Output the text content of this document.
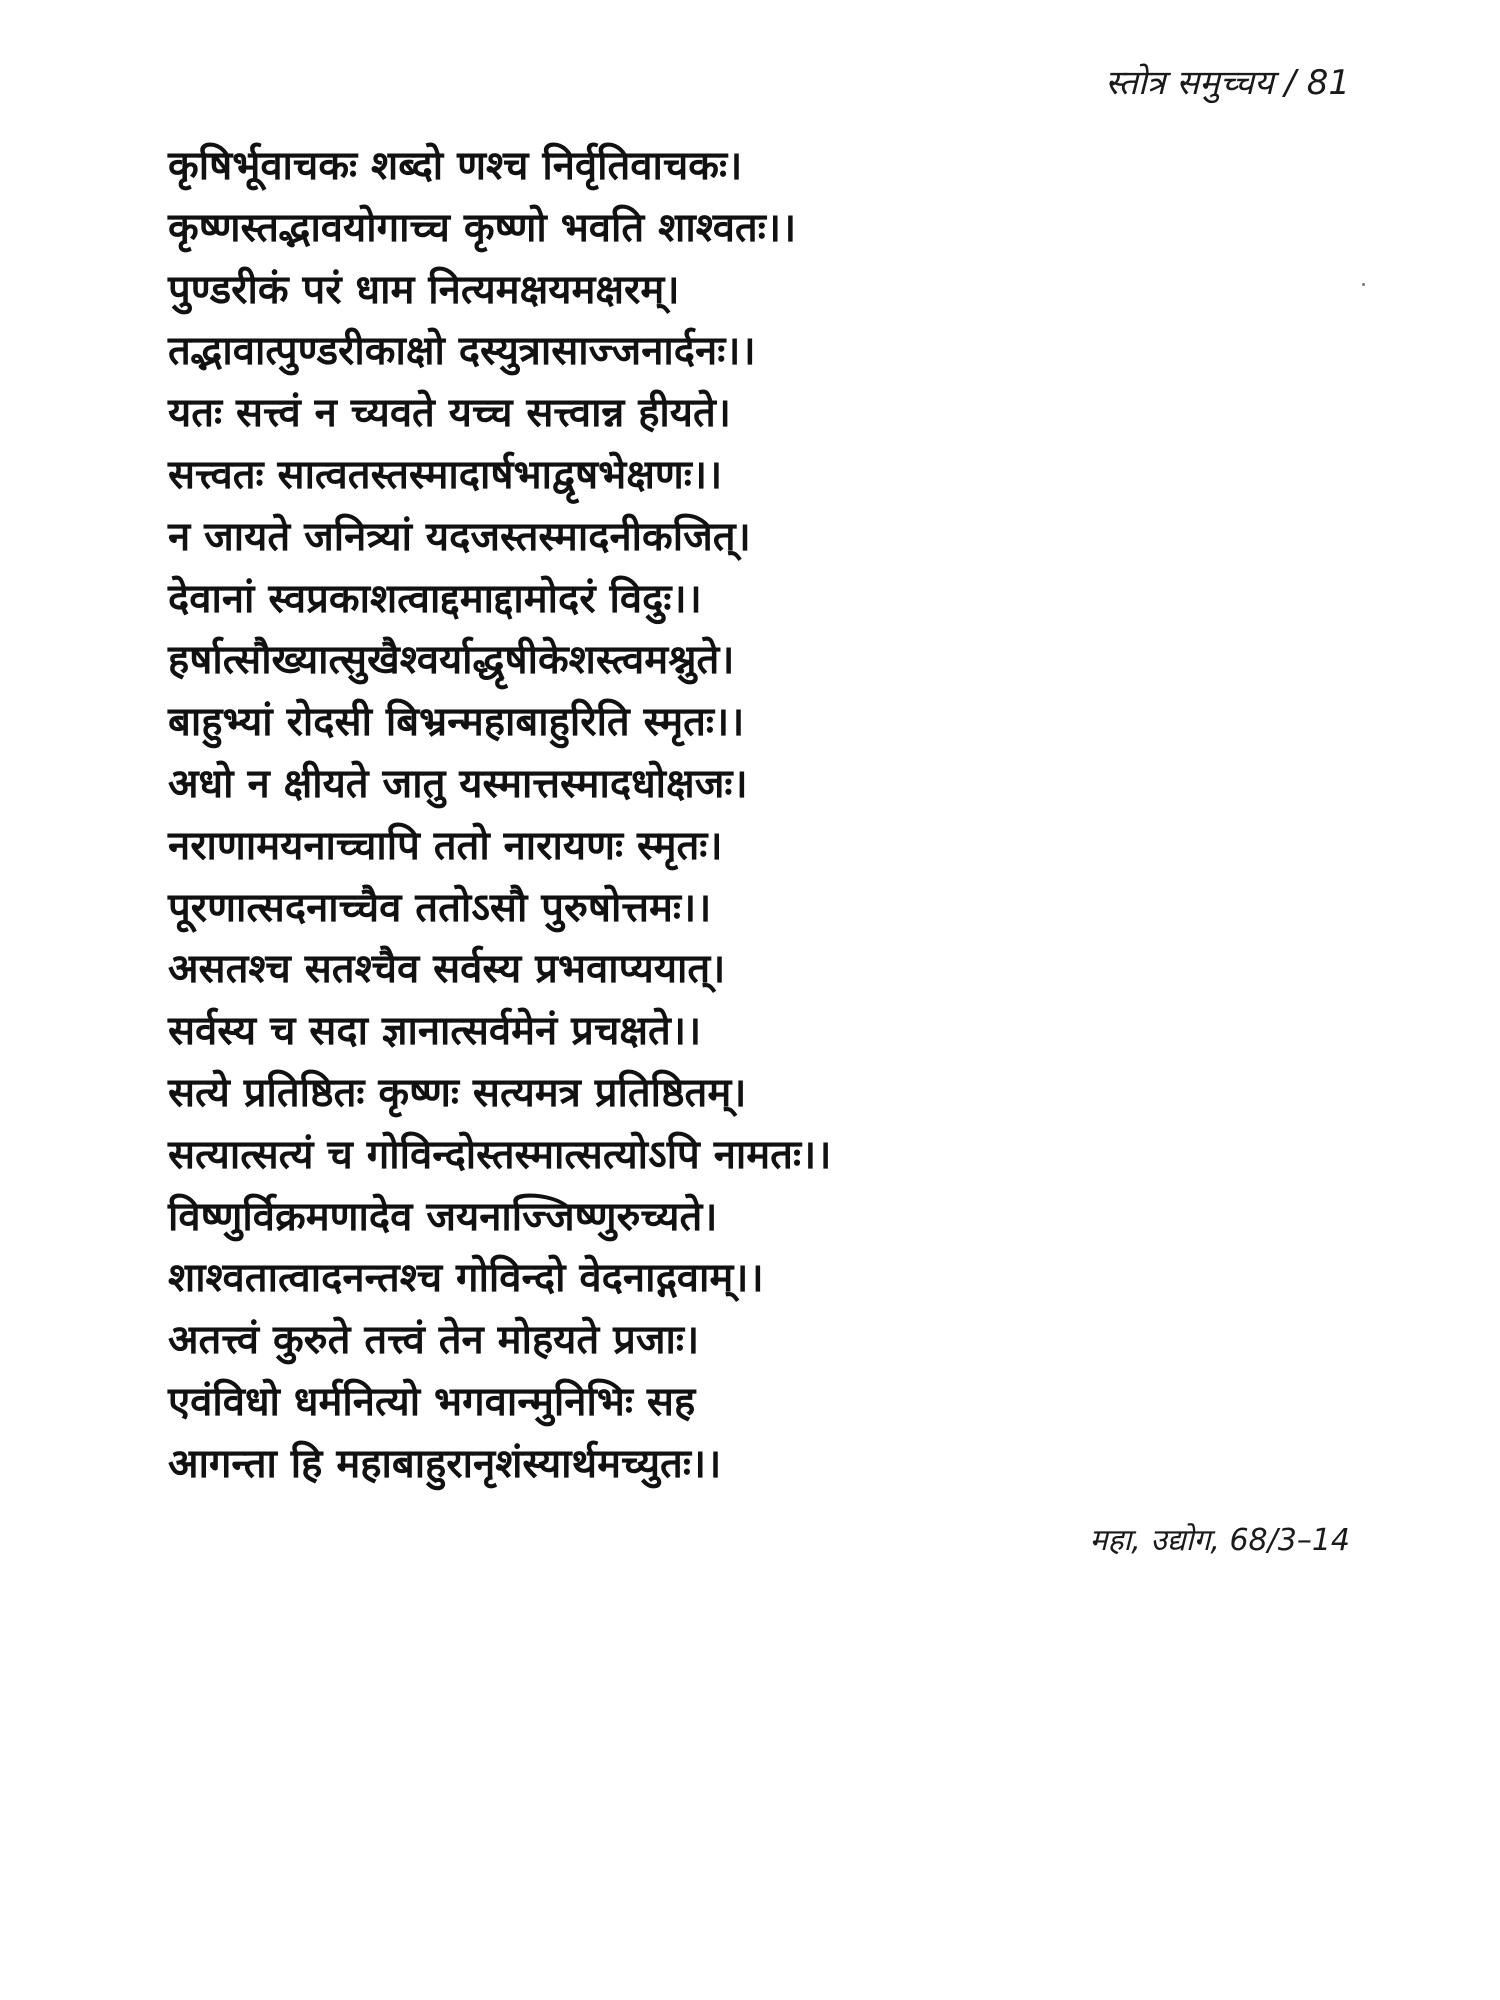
स्तोत्र समुच्चय / 81
कृषिर्भूवाचकः शब्दो णश्च निर्वृतिवाचकः।
कृष्णस्तद्भावयोगाच्च कृष्णो भवति शाश्वतः।।
पुण्डरीकं परं धाम नित्यमक्षयमक्षरम्।
तद्भावात्पुण्डरीकाक्षो दस्युत्रासाज्जनार्दनः।।
यतः सत्त्वं न च्यवते यच्च सत्त्वान्न हीयते।
सत्त्वतः सात्वतस्तस्मादार्षभाद्वृषभेक्षणः।।
न जायते जनित्र्यां यदजस्तस्मादनीकजित्।
देवानां स्वप्रकाशत्वाद्दमाद्दामोदरं विदुः।।
हर्षात्सौख्यात्सुखैश्वर्याद्धृषीकेशस्त्वमश्नुते।
बाहुभ्यां रोदसी बिभ्रन्महाबाहुरिति स्मृतः।।
अधो न क्षीयते जातु यस्मात्तस्मादधोक्षजः।
नराणामयनाच्चापि ततो नारायणः स्मृतः।
पूरणात्सदनाच्चैव ततोऽसौ पुरुषोत्तमः।।
असतश्च सतश्चैव सर्वस्य प्रभवाप्ययात्।
सर्वस्य च सदा ज्ञानात्सर्वमेनं प्रचक्षते।।
सत्ये प्रतिष्ठितः कृष्णः सत्यमत्र प्रतिष्ठितम्।
सत्यात्सत्यं च गोविन्दोस्तस्मात्सत्योऽपि नामतः।।
विष्णुर्विक्रमणादेव जयनाज्जिष्णुरुच्यते।
शाश्वतात्वादनन्तश्च गोविन्दो वेदनाद्गवाम्।।
अतत्त्वं कुरुते तत्त्वं तेन मोहयते प्रजाः।
एवंविधो धर्मनित्यो भगवान्मुनिभिः सह
आगन्ता हि महाबाहुरानृशंस्यार्थमच्युतः।।
महा, उद्योग, 68/3–14
